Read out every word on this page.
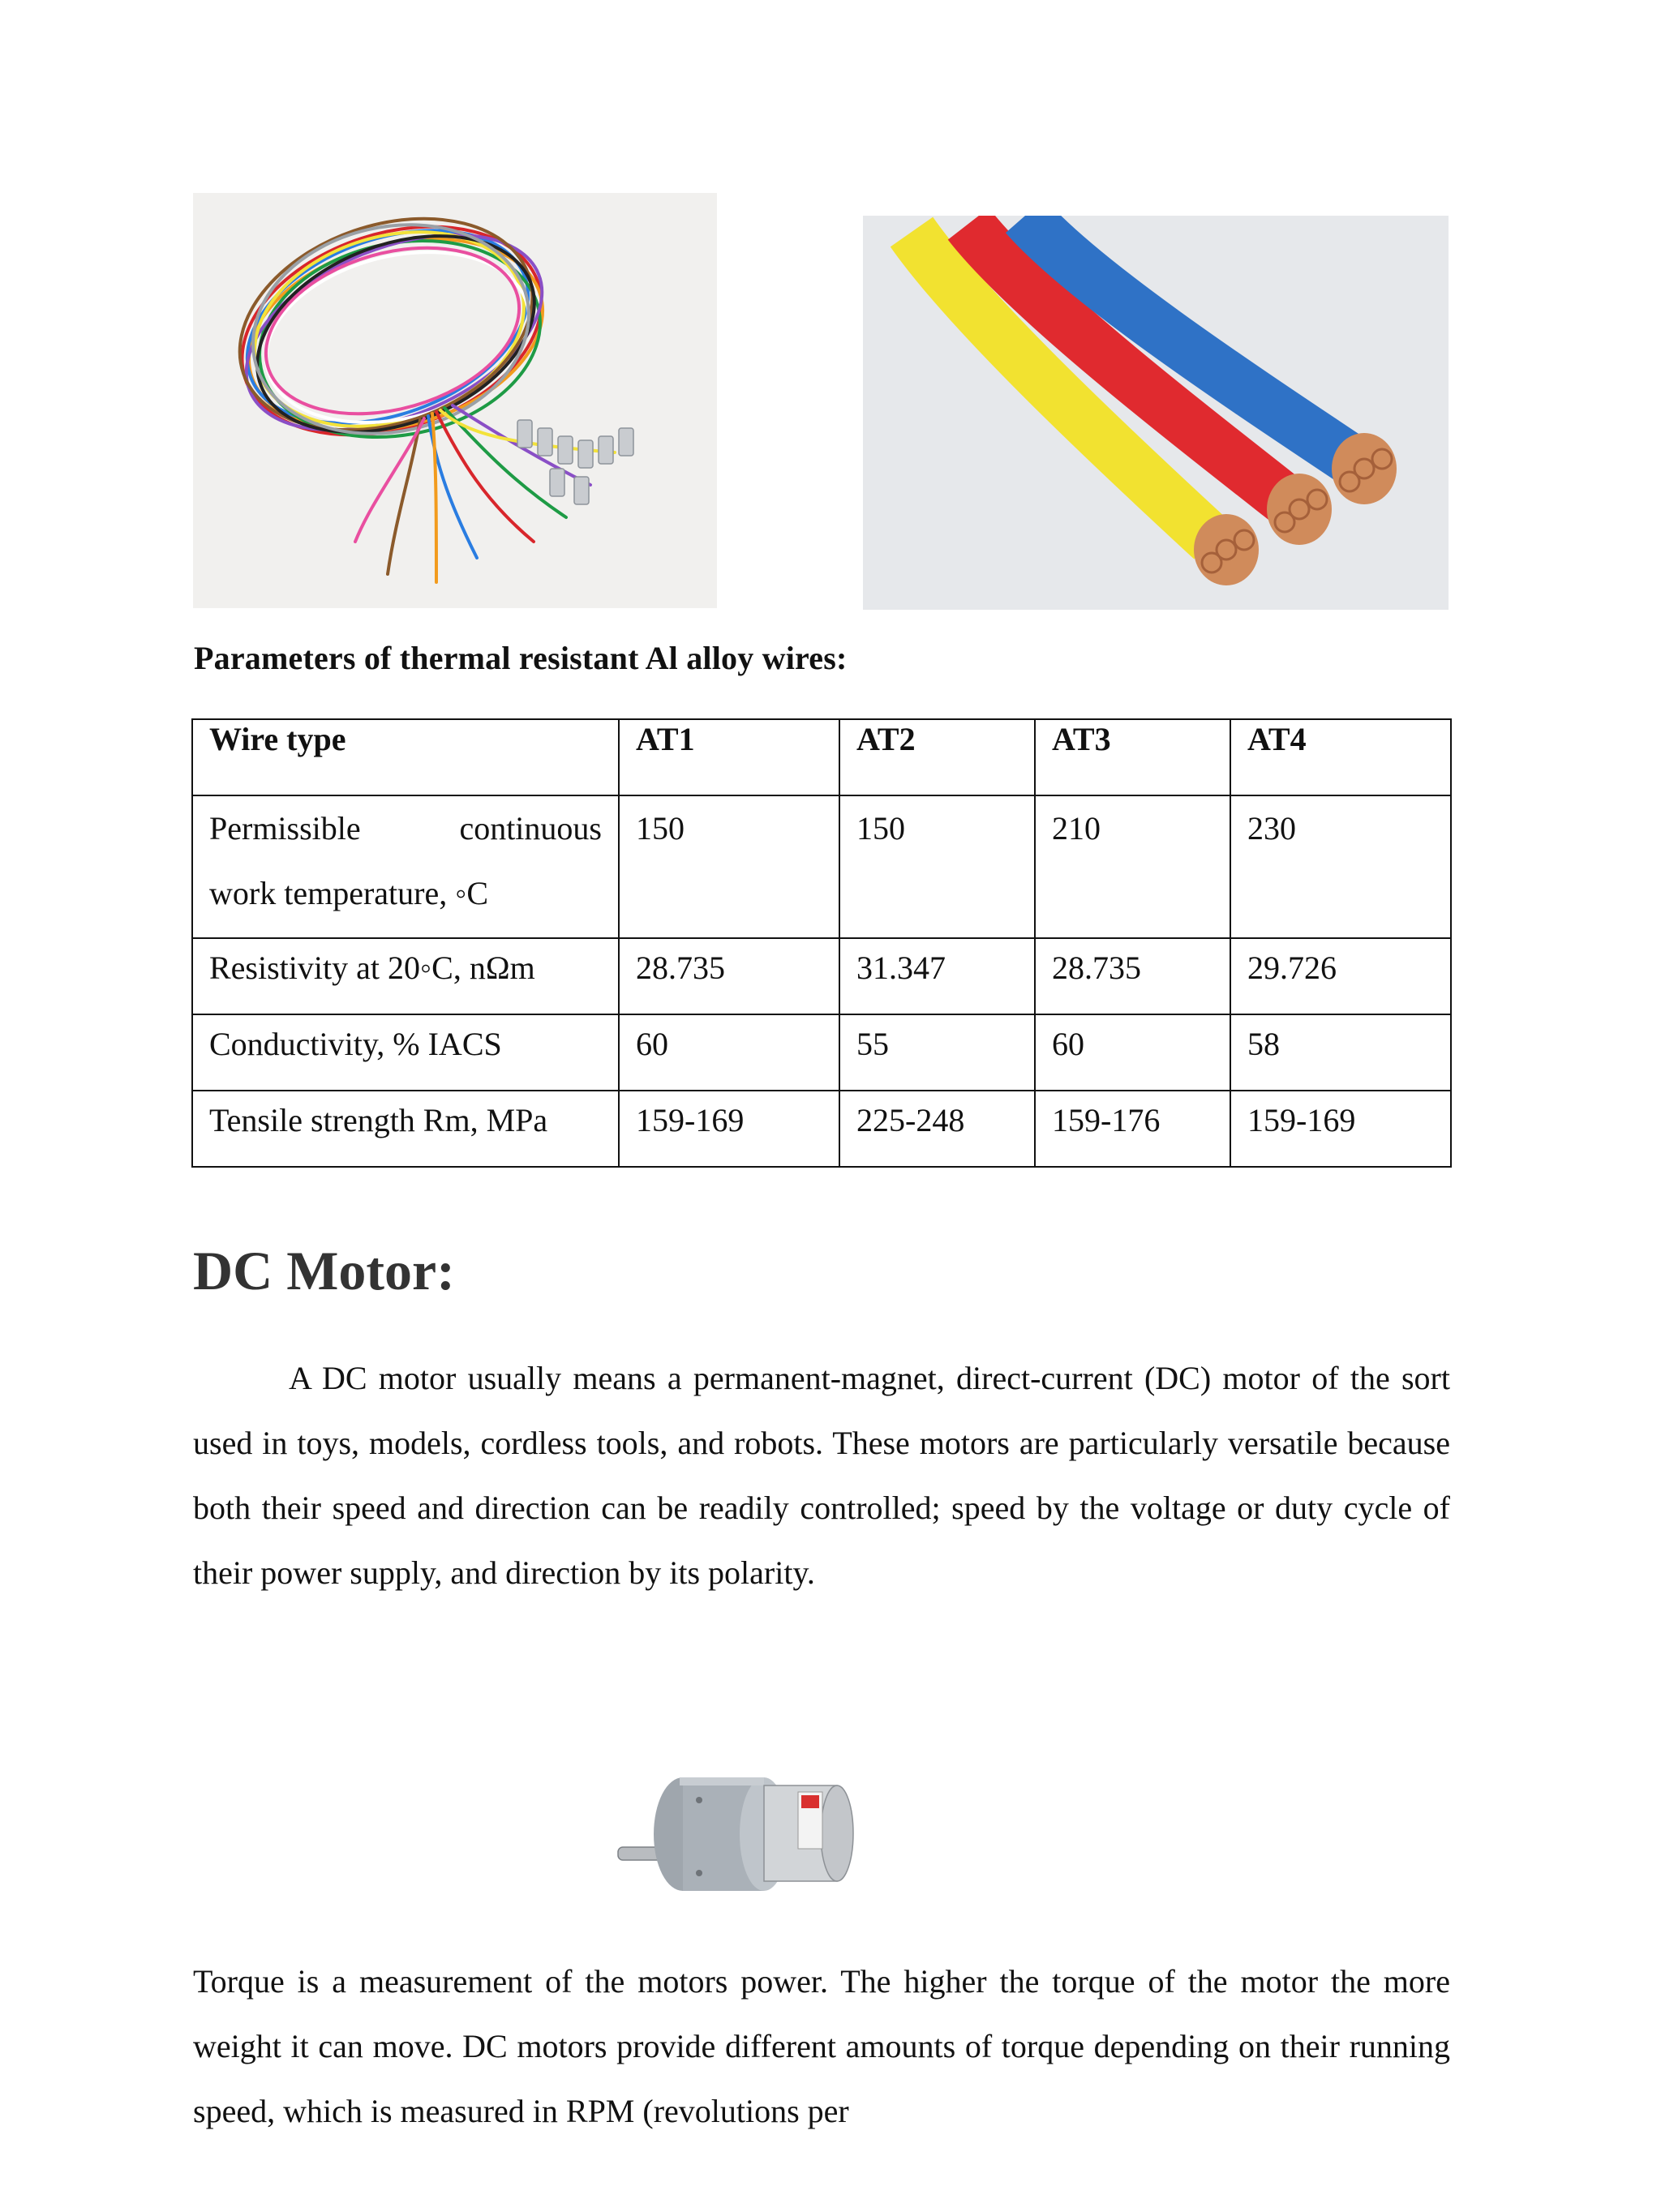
Parameters of thermal resistant Al alloy wires:
Wire type	AT1	AT2	AT3	AT4

Permissible continuous
work temperature, ◦C	150	150	210	230
Resistivity at 20◦C, nΩm	28.735	31.347	28.735	29.726
Conductivity, % IACS	60	55	60	58
Tensile strength Rm, MPa	159-169	225-248	159-176	159-169
DC Motor:

A DC motor usually means a permanent-magnet, direct-current (DC) motor of the sort used in toys, models, cordless tools, and robots. These motors are particularly versatile because both their speed and direction can be readily controlled; speed by the voltage or duty cycle of their power supply, and direction by its polarity.

Torque is a measurement of the motors power. The higher the torque of the motor the more weight it can move. DC motors provide different amounts of torque depending on their running speed, which is measured in RPM (revolutions per
